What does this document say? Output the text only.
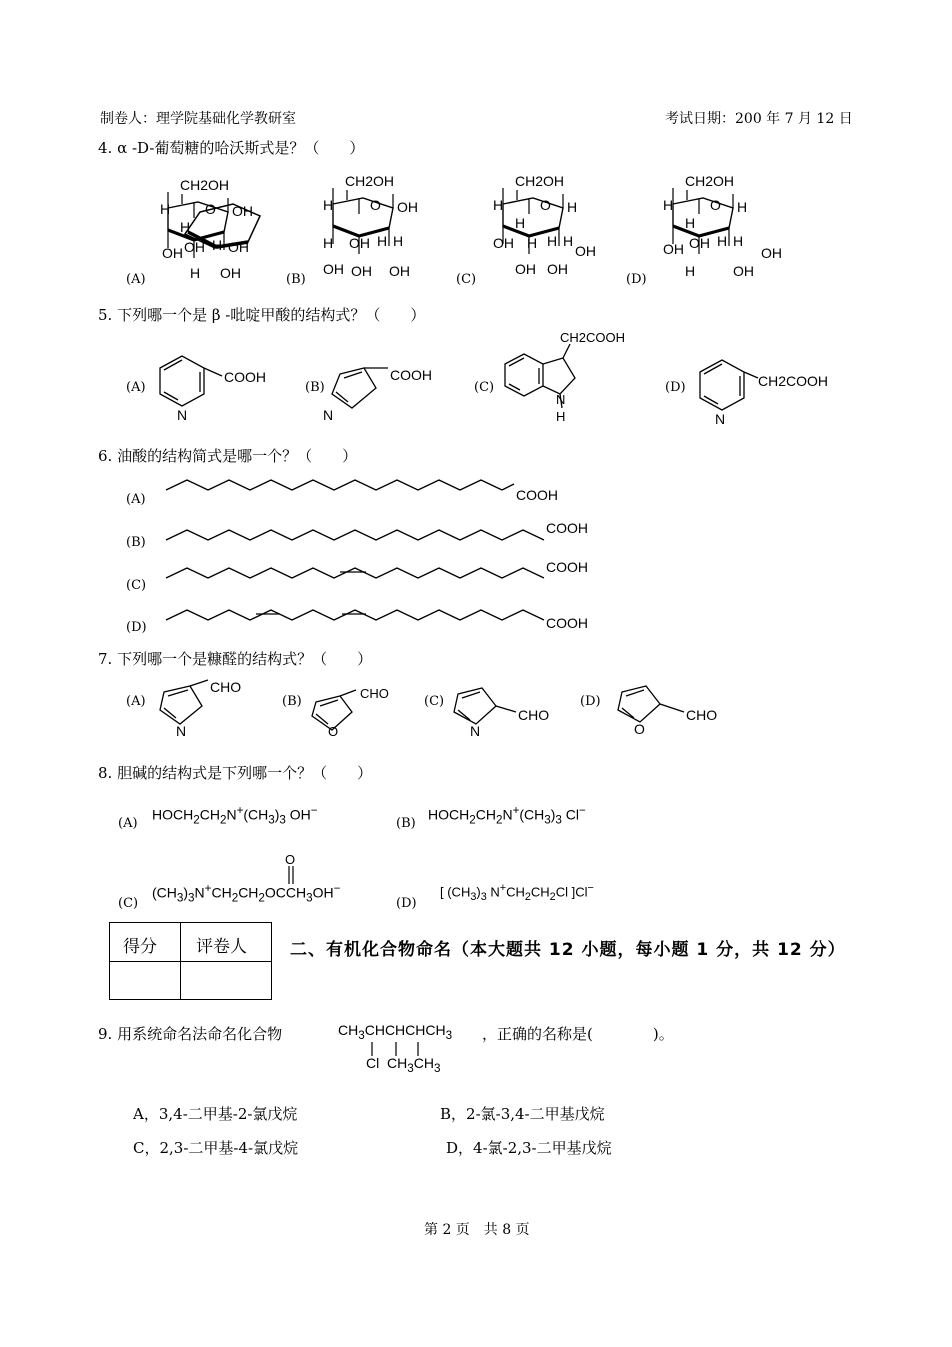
制卷人：理学院基础化学教研室	考试日期：200 年 7 月 12 日
4. α -D-葡萄糖的哈沃斯式是？（　　）
CH2OH
O OH
H
H
OH
OH	OH
H
H OH
CH2OH
O OH
H
H OH H H
OH OH OH
CH2OH
O H
H
H
OH H H H
OH OH
OH
CH2OH
O H
H
H
OH OH H H
H	OH
OH
(A)	(B)	(C)	(D)
5. 下列哪一个是 β -吡啶甲酸的结构式？（　　）
(A)	(B)	(C)	(D)
COOH
N
COOH
N
CH2COOH
N
H
CH2COOH
N
6. 油酸的结构简式是哪一个？（　　）
(A)
(B)
(C)
(D)
COOH
COOH
COOH
COOH
7. 下列哪一个是糠醛的结构式？（　　）
(A)	(B)	(C)	(D)
CHO
N
CHO
O
CHO
N
CHO
O
8. 胆碱的结构式是下列哪一个？（　　）
(A)	(B)
(C)	(D)
$HOCH_2CH_2N^+(CH_3)_3$ OH−	$HOCH_2CH_2N^+(CH_3)_3$ Cl−
$(CH_3)_3N^+CH_2CH_2OCCH_3OH^-$
O
[ $(CH_3)_3$ $N^+CH_2CH_2Cl$ ]Cl−
得分 评卷人	二、有机化合物命名（本大题共 12 小题，每小题 1 分，共 12 分）
9. 用系统命名法命名化合物	$CH_3CHCHCHCH_3$
Cl  $CH_3CH_3$
，正确的名称是(　　　　)。
A，3,4-二甲基-2-氯戊烷	B，2-氯-3,4-二甲基戊烷
C，2,3-二甲基-4-氯戊烷	D，4-氯-2,3-二甲基戊烷
第 2 页　共 8 页
